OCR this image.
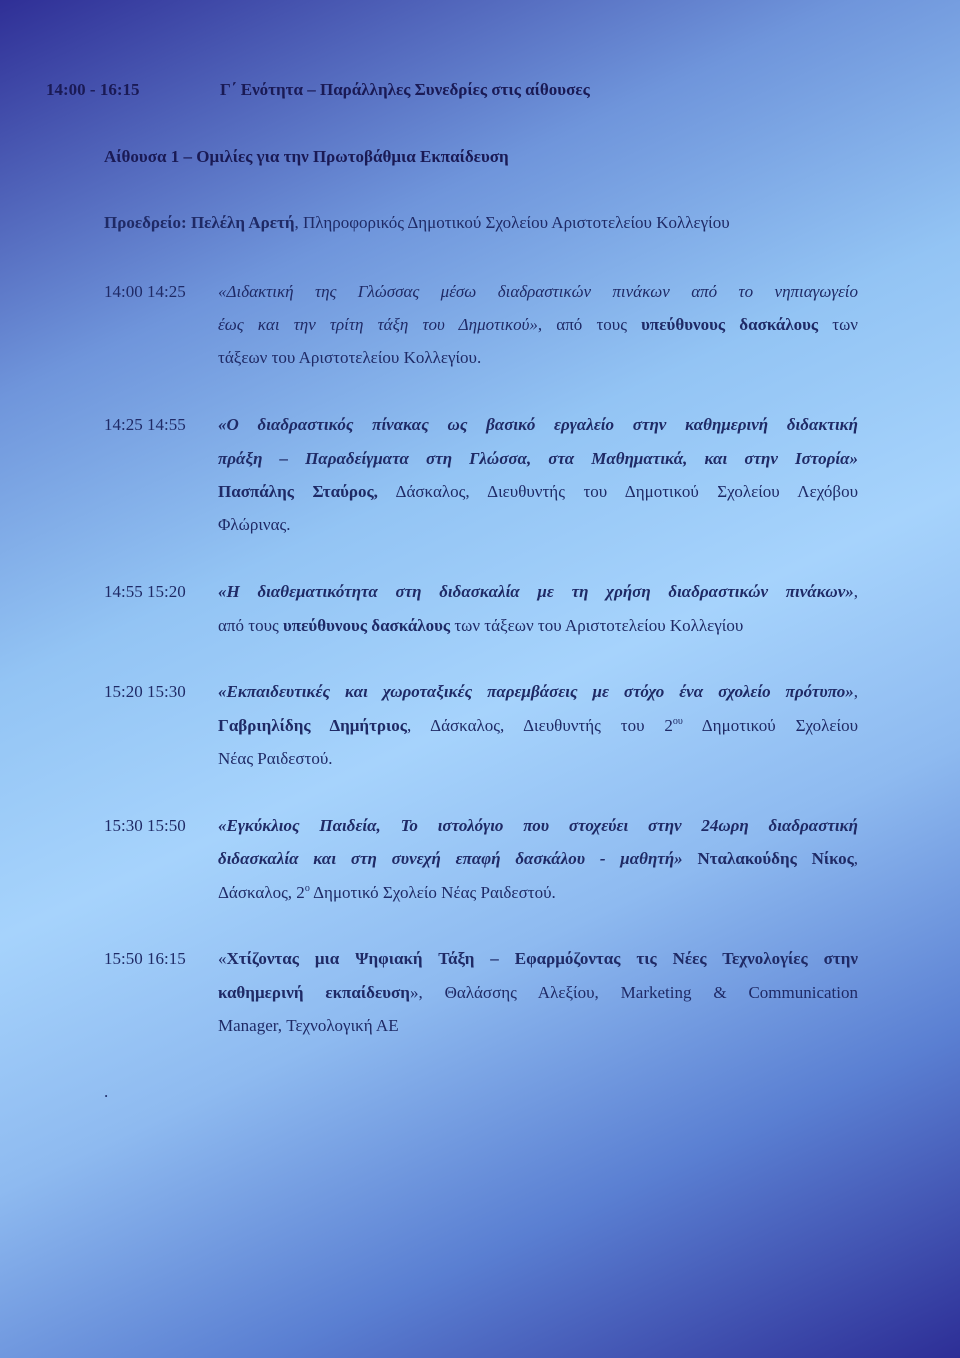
14:00 - 16:15	Γ΄ Ενότητα – Παράλληλες Συνεδρίες στις αίθουσες
Αίθουσα 1 – Ομιλίες για την Πρωτοβάθμια Εκπαίδευση
Προεδρείο: Πελέλη Αρετή, Πληροφορικός Δημοτικού Σχολείου Αριστοτελείου Κολλεγίου
14:00 14:25 «Διδακτική της Γλώσσας μέσω διαδραστικών πινάκων από το νηπιαγωγείο
έως και την τρίτη τάξη του Δημοτικού», από τους υπεύθυνους δασκάλους των
τάξεων του Αριστοτελείου Κολλεγίου.
14:25 14:55 «Ο διαδραστικός πίνακας ως βασικό εργαλείο στην καθημερινή διδακτική
πράξη – Παραδείγματα στη Γλώσσα, στα Μαθηματικά, και στην Ιστορία»
Πασπάλης Σταύρος, Δάσκαλος, Διευθυντής του Δημοτικού Σχολείου Λεχόβου
Φλώρινας.
14:55 15:20 «Η διαθεματικότητα στη διδασκαλία με τη χρήση διαδραστικών πινάκων»,
από τους υπεύθυνους δασκάλους των τάξεων του Αριστοτελείου Κολλεγίου
15:20 15:30 «Εκπαιδευτικές και χωροταξικές παρεμβάσεις με στόχο ένα σχολείο πρότυπο»,
Γαβριηλίδης Δημήτριος, Δάσκαλος, Διευθυντής του $2^{o\upsilon}$ Δημοτικού Σχολείου
Νέας Ραιδεστού.
15:30 15:50 «Εγκύκλιος Παιδεία, Το ιστολόγιο που στοχεύει στην 24ωρη διαδραστική
διδασκαλία και στη συνεχή επαφή δασκάλου - μαθητή» Νταλακούδης Νίκος,
Δάσκαλος, $2^o$ Δημοτικό Σχολείο Νέας Ραιδεστού.
15:50 16:15 «Χτίζοντας μια Ψηφιακή Τάξη – Εφαρμόζοντας τις Νέες Τεχνολογίες στην
καθημερινή εκπαίδευση», Θαλάσσης Αλεξίου, Marketing & Communication
Manager, Τεχνολογική ΑΕ
.
